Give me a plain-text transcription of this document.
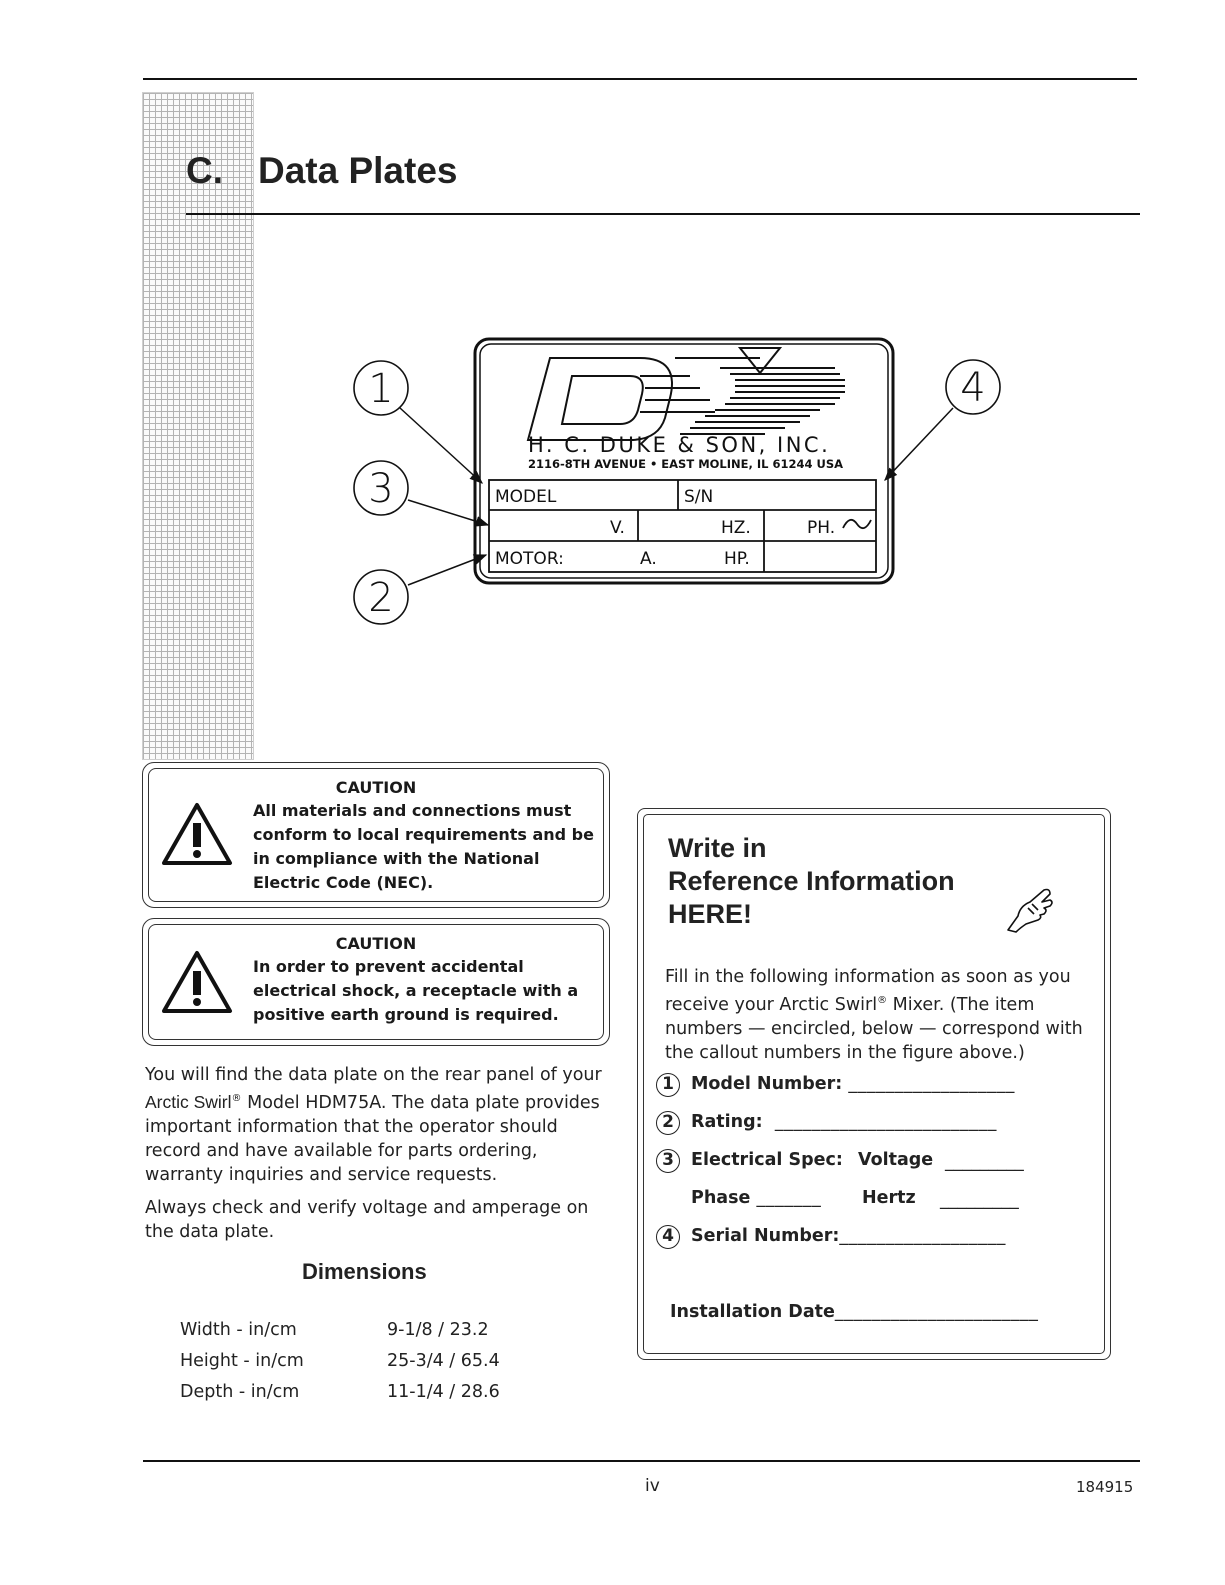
C. Data Plates
H. C. DUKE & SON, INC.
2116-8TH AVENUE • EAST MOLINE, IL 61244 USA
MODEL	S/N
V.	HZ.	PH.
MOTOR:	A.	HP.
1
3
2
4
CAUTION
All materials and connections must
conform to local requirements and be
in compliance with the National
Electric Code (NEC).
CAUTION
In order to prevent accidental
electrical shock, a receptacle with a
positive earth ground is required.
You will find the data plate on the rear panel of your Arctic Swirl® Model HDM75A. The data plate provides important information that the operator should record and have available for parts ordering, warranty inquiries and service requests.
Always check and verify voltage and amperage on the data plate.
Dimensions
Width - in/cm	9-1/8 / 23.2
Height - in/cm	25-3/4 / 65.4
Depth - in/cm	11-1/4 / 28.6
Write in
Reference Information
HERE!
Fill in the following information as soon as you receive your Arctic Swirl® Mixer. (The item numbers — encircled, below — correspond with the callout numbers in the figure above.)
1 Model Number: __________________
2 Rating: ________________________
3 Electrical Spec: Voltage _________
Phase _______ Hertz _________
4 Serial Number:__________________
Installation Date______________________
iv	184915
